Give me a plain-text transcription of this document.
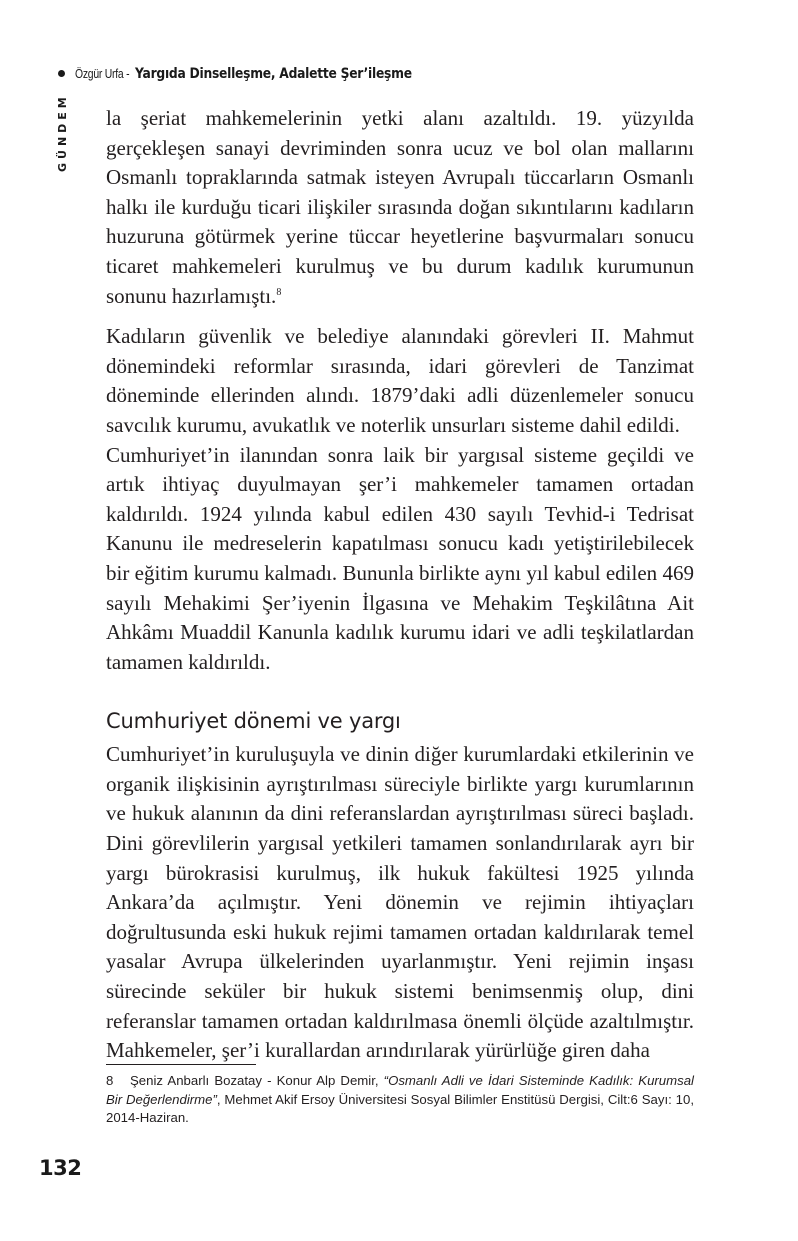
Özgür Urfa - Yargıda Dinselleşme, Adalette Şer’ileşme
GÜNDEM la şeriat mahkemelerinin yetki alanı azaltıldı. 19. yüzyılda gerçekleşen sanayi devriminden sonra ucuz ve bol olan mallarını Osmanlı topraklarında satmak isteyen Avrupalı tüccarların Osmanlı halkı ile kurduğu ticari ilişkiler sırasında doğan sıkıntılarını kadıların huzuruna götürmek yerine tüccar heyetlerine başvurmaları sonucu ticaret mahkemeleri kurulmuş ve bu durum kadılık kurumunun sonunu hazırlamıştı.$^8$

Kadıların güvenlik ve belediye alanındaki görevleri II. Mahmut dönemindeki reformlar sırasında, idari görevleri de Tanzimat döneminde ellerinden alındı. 1879’daki adli düzenlemeler sonucu savcılık kurumu, avukatlık ve noterlik unsurları sisteme dahil edildi.

Cumhuriyet’in ilanından sonra laik bir yargısal sisteme geçildi ve artık ihtiyaç duyulmayan şer’i mahkemeler tamamen ortadan kaldırıldı. 1924 yılında kabul edilen 430 sayılı Tevhid-i Tedrisat Kanunu ile medreselerin kapatılması sonucu kadı yetiştirilebilecek bir eğitim kurumu kalmadı. Bununla birlikte aynı yıl kabul edilen 469 sayılı Mehakimi Şer’iyenin İlgasına ve Mehakim Teşkilâtına Ait Ahkâmı Muaddil Kanunla kadılık kurumu idari ve adli teşkilatlardan tamamen kaldırıldı.

Cumhuriyet dönemi ve yargı

Cumhuriyet’in kuruluşuyla ve dinin diğer kurumlardaki etkilerinin ve organik ilişkisinin ayrıştırılması süreciyle birlikte yargı kurumlarının ve hukuk alanının da dini referanslardan ayrıştırılması süreci başladı. Dini görevlilerin yargısal yetkileri tamamen sonlandırılarak ayrı bir yargı bürokrasisi kurulmuş, ilk hukuk fakültesi 1925 yılında Ankara’da açılmıştır. Yeni dönemin ve rejimin ihtiyaçları doğrultusunda eski hukuk rejimi tamamen ortadan kaldırılarak temel yasalar Avrupa ülkelerinden uyarlanmıştır. Yeni rejimin inşası sürecinde seküler bir hukuk sistemi benimsenmiş olup, dini referanslar tamamen ortadan kaldırılmasa önemli ölçüde azaltılmıştır. Mahkemeler, şer’i kurallardan arındırılarak yürürlüğe giren daha

8 Şeniz Anbarlı Bozatay - Konur Alp Demir, “Osmanlı Adli ve İdari Sisteminde Kadılık: Kurumsal Bir Değerlendirme”, Mehmet Akif Ersoy Üniversitesi Sosyal Bilimler Enstitüsü Dergisi, Cilt:6 Sayı: 10, 2014-Haziran.
132
